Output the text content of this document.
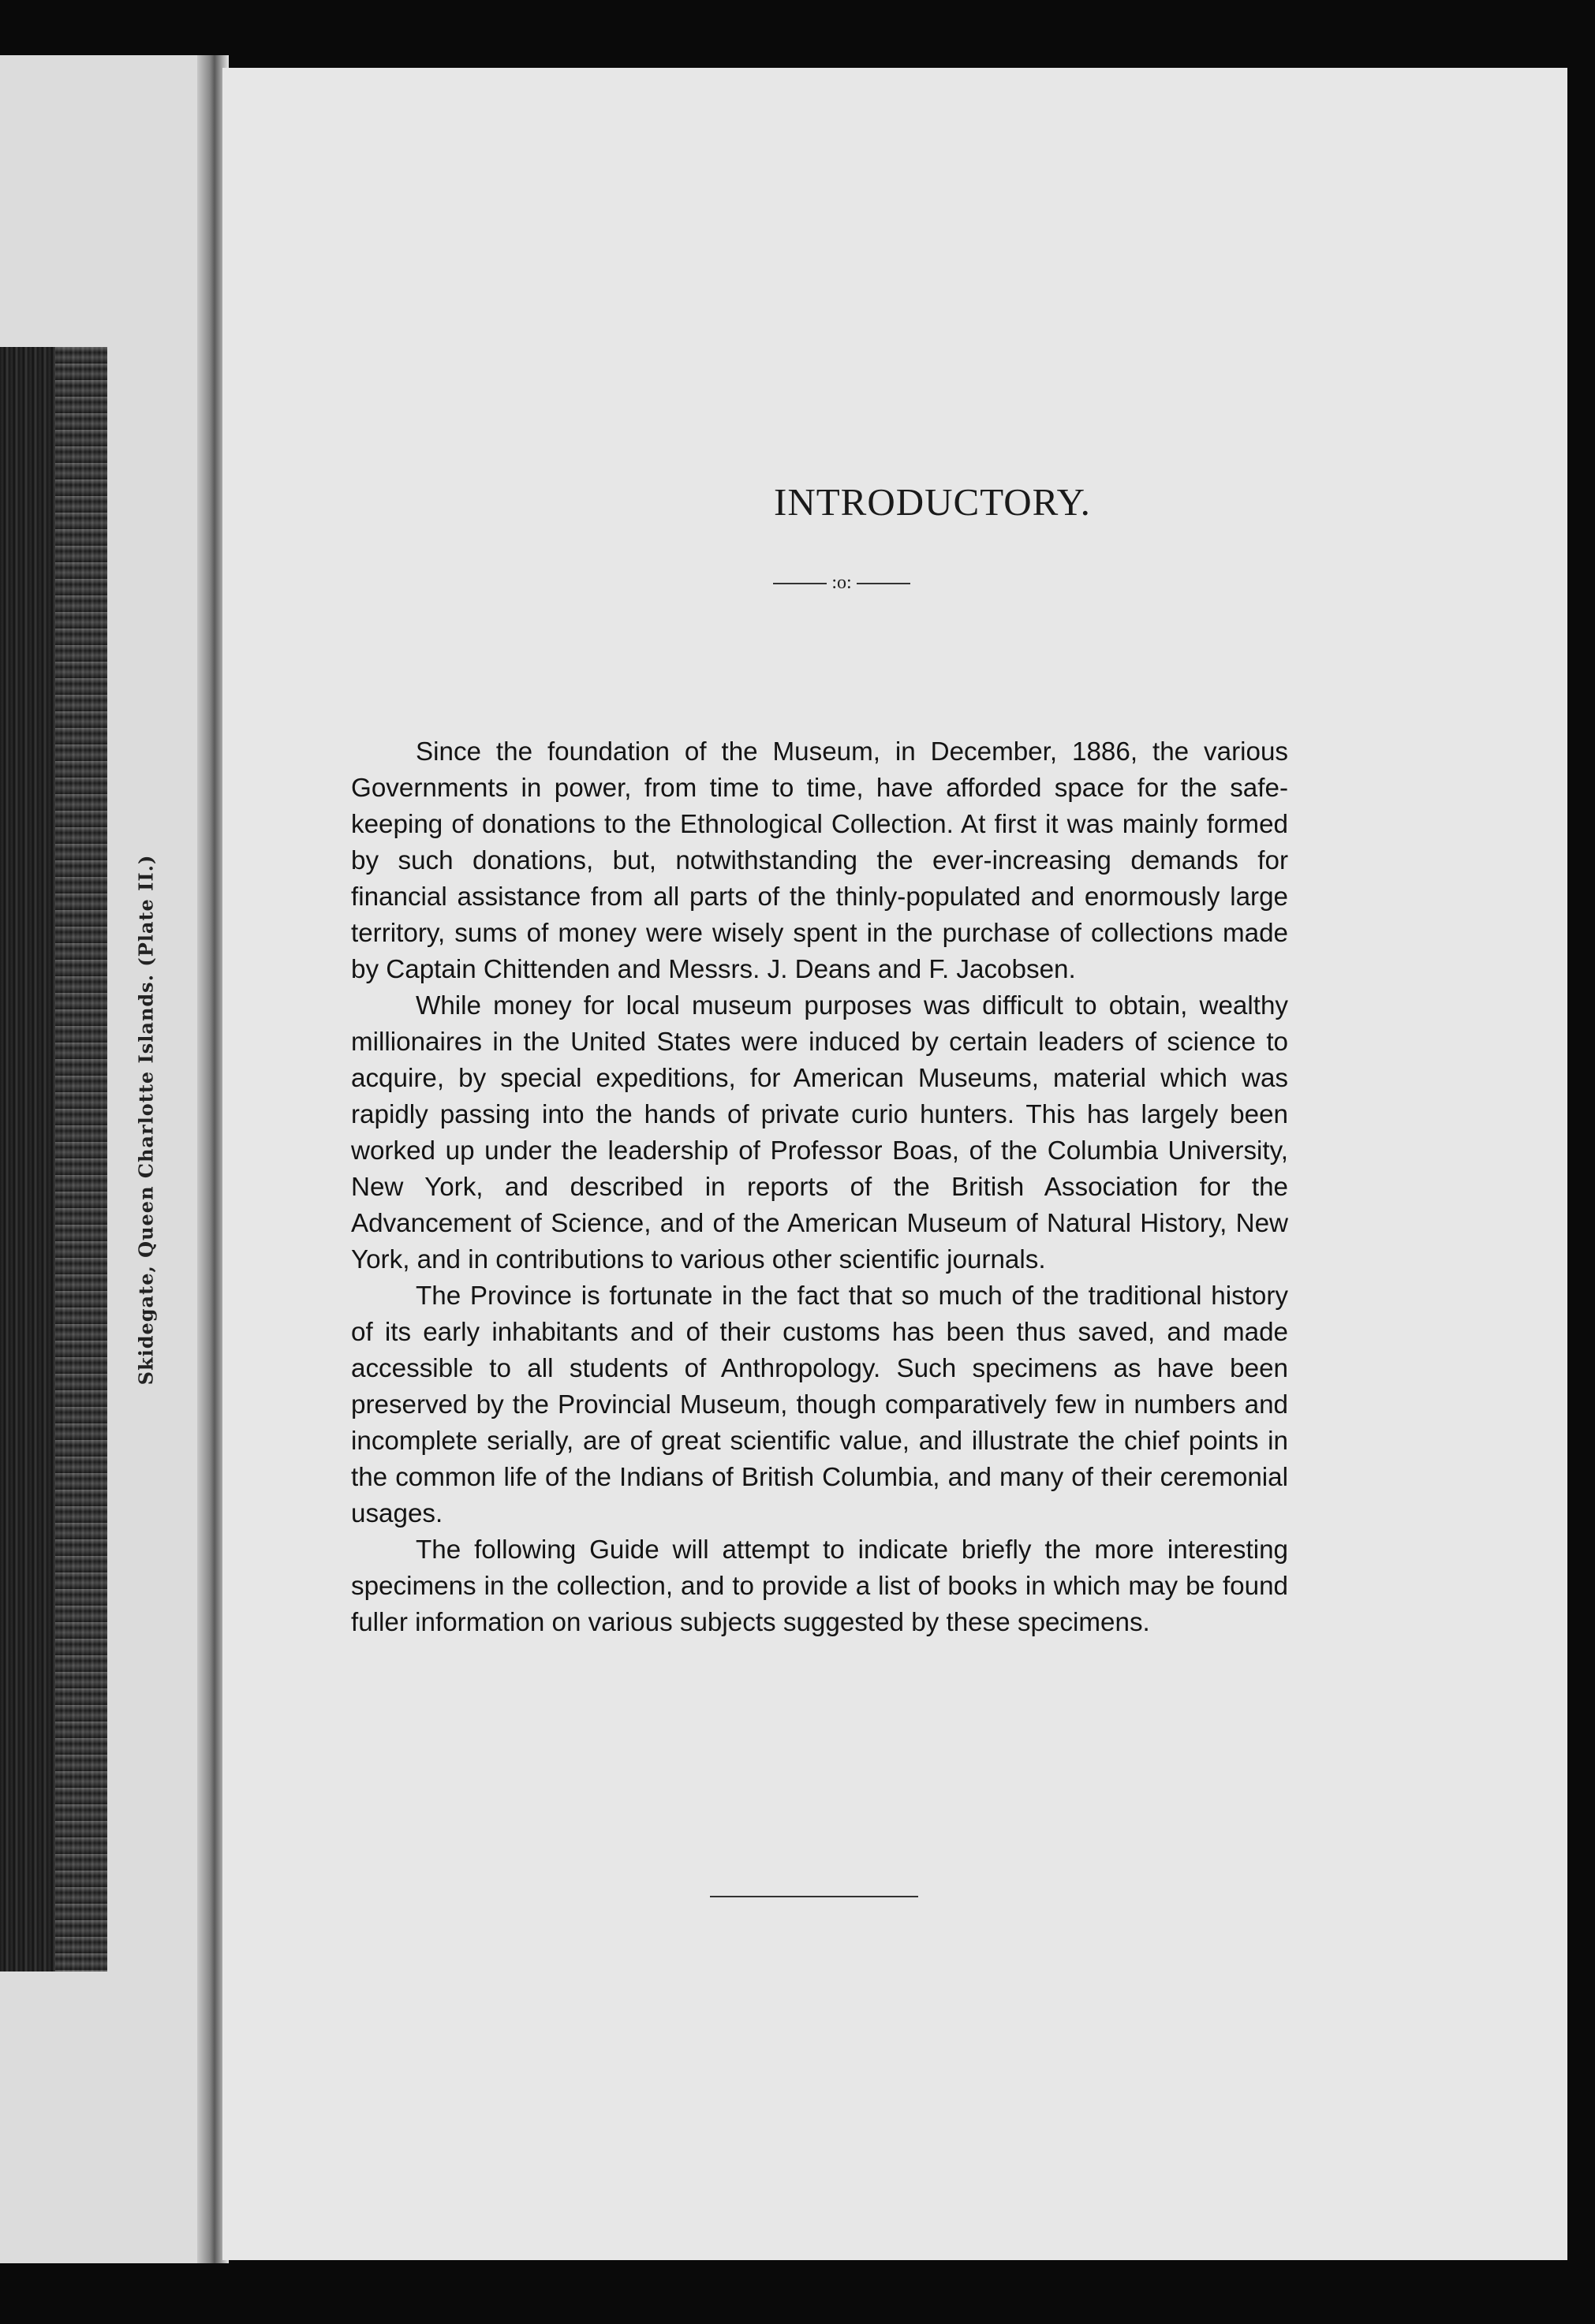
Skidegate, Queen Charlotte Islands. (Plate II.)
INTRODUCTORY.
:o:

Since the foundation of the Museum, in December, 1886, the various Governments in power, from time to time, have afforded space for the safe-keeping of donations to the Ethnological Collection. At first it was mainly formed by such donations, but, notwithstanding the ever-increasing demands for financial assistance from all parts of the thinly-populated and enormously large territory, sums of money were wisely spent in the purchase of collections made by Captain Chittenden and Messrs. J. Deans and F. Jacobsen.

While money for local museum purposes was difficult to obtain, wealthy millionaires in the United States were induced by certain leaders of science to acquire, by special expeditions, for American Museums, material which was rapidly passing into the hands of private curio hunters. This has largely been worked up under the leadership of Professor Boas, of the Columbia University, New York, and described in reports of the British Association for the Advancement of Science, and of the American Museum of Natural History, New York, and in contributions to various other scientific journals.

The Province is fortunate in the fact that so much of the traditional history of its early inhabitants and of their customs has been thus saved, and made accessible to all students of Anthropology. Such specimens as have been preserved by the Provincial Museum, though comparatively few in numbers and incomplete serially, are of great scientific value, and illustrate the chief points in the common life of the Indians of British Columbia, and many of their ceremonial usages.

The following Guide will attempt to indicate briefly the more interesting specimens in the collection, and to provide a list of books in which may be found fuller information on various subjects suggested by these specimens.
